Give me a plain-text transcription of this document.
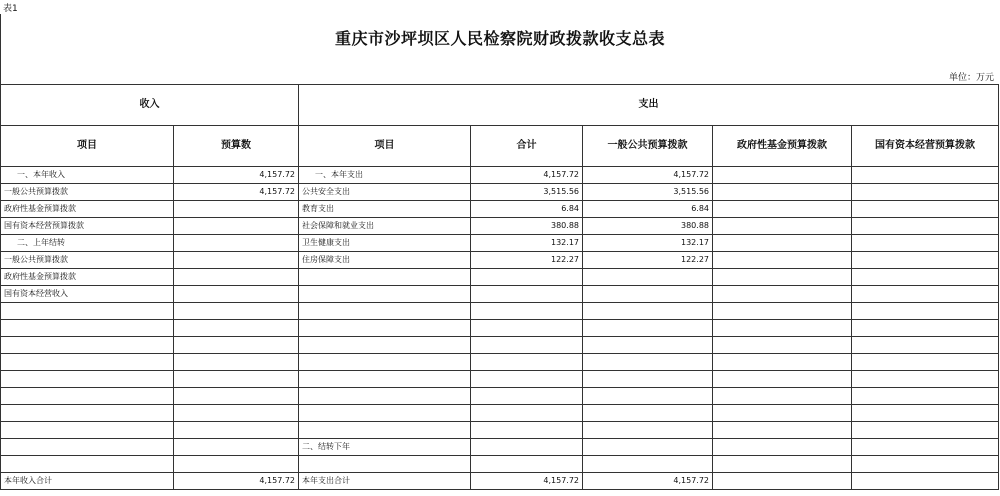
表1
重庆市沙坪坝区人民检察院财政拨款收支总表
单位：万元
收入		支出				
项目	预算数	项目	合计	一般公共预算拨款	政府性基金预算拨款	国有资本经营预算拨款
一、本年收入	4,157.72	一、本年支出	4,157.72	4,157.72		
一般公共预算拨款	4,157.72	公共安全支出	3,515.56	3,515.56		
政府性基金预算拨款		教育支出	6.84	6.84		
国有资本经营预算拨款		社会保障和就业支出	380.88	380.88		
二、上年结转		卫生健康支出	132.17	132.17		
一般公共预算拨款		住房保障支出	122.27	122.27		
政府性基金预算拨款						
国有资本经营收入						

		二、结转下年				

本年收入合计	4,157.72	本年支出合计	4,157.72	4,157.72		
